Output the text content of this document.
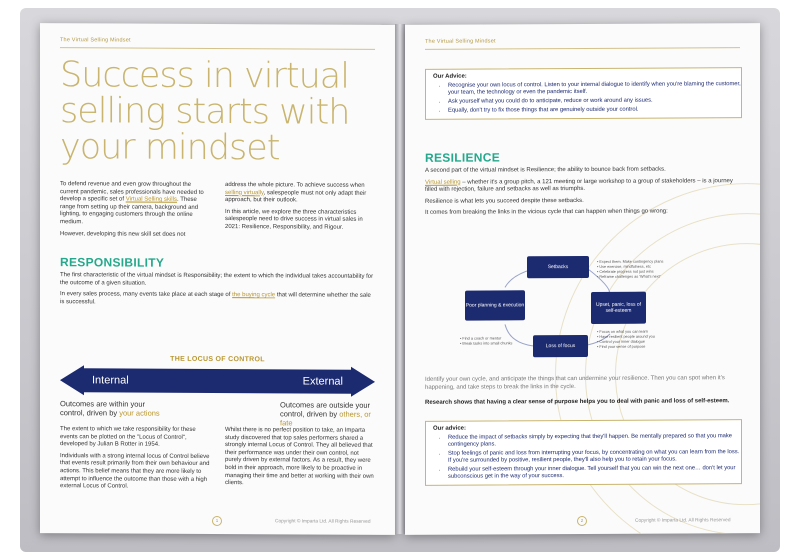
The Virtual Selling Mindset
Success in virtual selling starts with your mindset

To defend revenue and even grow throughout the current pandemic, sales professionals have needed to develop a specific set of Virtual Selling skills. These range from setting up their camera, background and lighting, to engaging customers through the online medium.

However, developing this new skill set does not

address the whole picture. To achieve success when selling virtually, salespeople must not only adapt their approach, but their outlook.

In this article, we explore the three characteristics salespeople need to drive success in virtual sales in 2021: Resilience, Responsibility, and Rigour.

RESPONSIBILITY

The first characteristic of the virtual mindset is Responsibility; the extent to which the individual takes accountability for the outcome of a given situation.

In every sales process, many events take place at each stage of the buying cycle that will determine whether the sale is successful.

THE LOCUS OF CONTROL
Internal	External
Outcomes are within your control, driven by your actions
Outcomes are outside your control, driven by others, or fate

The extent to which we take responsibility for these events can be plotted on the "Locus of Control", developed by Julian B Rotter in 1954.

Individuals with a strong internal locus of Control believe that events result primarily from their own behaviour and actions. This belief means that they are more likely to attempt to influence the outcome than those with a high external Locus of Control.

Whilst there is no perfect position to take, an Imparta study discovered that top sales performers shared a strongly internal Locus of Control. They all believed that their performance was under their own control, not purely driven by external factors. As a result, they were bold in their approach, more likely to be proactive in managing their time and better at working with their own clients.

1	Copyright © Imparta Ltd. All Rights Reserved
The Virtual Selling Mindset
Our Advice:
• Recognise your own locus of control. Listen to your internal dialogue to identify when you're blaming the customer, your team, the technology or even the pandemic itself.
• Ask yourself what you could do to anticipate, reduce or work around any issues.
• Equally, don't try to fix those things that are genuinely outside your control.
RESILIENCE

A second part of the virtual mindset is Resilience; the ability to bounce back from setbacks.

Virtual selling – whether it's a group pitch, a 121 meeting or large workshop to a group of stakeholders – is a journey filled with rejection, failure and setbacks as well as triumphs.

Resilience is what lets you succeed despite these setbacks.

It comes from breaking the links in the vicious cycle that can happen when things go wrong:

Setbacks
Poor planning & execution	Upset, panic, loss of self-esteem
Loss of focus
• Expect them. Make contingency plans
• Use exercise, mindfulness, etc
• Celebrate progress not just wins
• Reframe challenges as 'What's next'
• Focus on what you can learn
• Have resilient people around you
• Control your inner dialogue
• Find your sense of purpose
• Find a coach or mentor
• Break tasks into small chunks
Identify your own cycle, and anticipate the things that can undermine your resilience. Then you can spot when it's happening, and take steps to break the links in the cycle.
Research shows that having a clear sense of purpose helps you to deal with panic and loss of self-esteem.
Our advice:
• Reduce the impact of setbacks simply by expecting that they'll happen. Be mentally prepared so that you make contingency plans.
• Stop feelings of panic and loss from interrupting your focus, by concentrating on what you can learn from the loss. If you're surrounded by positive, resilient people, they'll also help you to retain your focus.
• Rebuild your self-esteem through your inner dialogue. Tell yourself that you can win the next one… don't let your subconscious get in the way of your success.
2	Copyright © Imparta Ltd. All Rights Reserved
